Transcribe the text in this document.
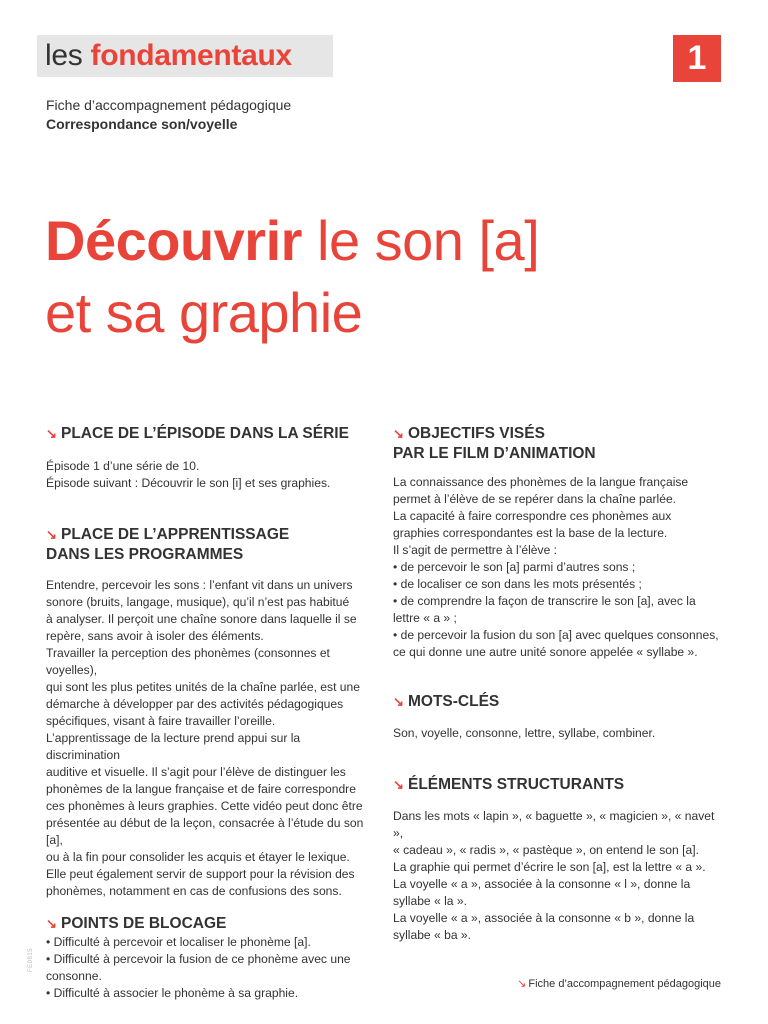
les fondamentaux	1
Fiche d’accompagnement pédagogique
Correspondance son/voyelle
Découvrir le son [a]
et sa graphie
↘ PLACE DE L’ÉPISODE DANS LA SÉRIE

Épisode 1 d’une série de 10.

Épisode suivant : Découvrir le son [i] et ses graphies.

↘ PLACE DE L’APPRENTISSAGE
DANS LES PROGRAMMES

Entendre, percevoir les sons : l’enfant vit dans un univers

sonore (bruits, langage, musique), qu’il n’est pas habitué

à analyser. Il perçoit une chaîne sonore dans laquelle il se

repère, sans avoir à isoler des éléments.

Travailler la perception des phonèmes (consonnes et voyelles),

qui sont les plus petites unités de la chaîne parlée, est une

démarche à développer par des activités pédagogiques

spécifiques, visant à faire travailler l’oreille.

L’apprentissage de la lecture prend appui sur la discrimination

auditive et visuelle. Il s’agit pour l’élève de distinguer les

phonèmes de la langue française et de faire correspondre

ces phonèmes à leurs graphies. Cette vidéo peut donc être

présentée au début de la leçon, consacrée à l’étude du son [a],

ou à la fin pour consolider les acquis et étayer le lexique.

Elle peut également servir de support pour la révision des

phonèmes, notamment en cas de confusions des sons.

↘ POINTS DE BLOCAGE

• Difficulté à percevoir et localiser le phonème [a].

• Difficulté à percevoir la fusion de ce phonème avec une

consonne.

• Difficulté à associer le phonème à sa graphie.

↘ OBJECTIFS VISÉS
PAR LE FILM D’ANIMATION

La connaissance des phonèmes de la langue française

permet à l’élève de se repérer dans la chaîne parlée.

La capacité à faire correspondre ces phonèmes aux

graphies correspondantes est la base de la lecture.

Il s’agit de permettre à l’élève :

• de percevoir le son [a] parmi d’autres sons ;

• de localiser ce son dans les mots présentés ;

• de comprendre la façon de transcrire le son [a], avec la

lettre « a » ;

• de percevoir la fusion du son [a] avec quelques consonnes,

ce qui donne une autre unité sonore appelée « syllabe ».

↘ MOTS-CLÉS

Son, voyelle, consonne, lettre, syllabe, combiner.

↘ ÉLÉMENTS STRUCTURANTS

Dans les mots « lapin », « baguette », « magicien », « navet »,

« cadeau », « radis », « pastèque », on entend le son [a].

La graphie qui permet d’écrire le son [a], est la lettre « a ».

La voyelle « a », associée à la consonne « l », donne la

syllabe « la ».

La voyelle « a », associée à la consonne « b », donne la

syllabe « ba ».

FE0815
↘ Fiche d’accompagnement pédagogique
